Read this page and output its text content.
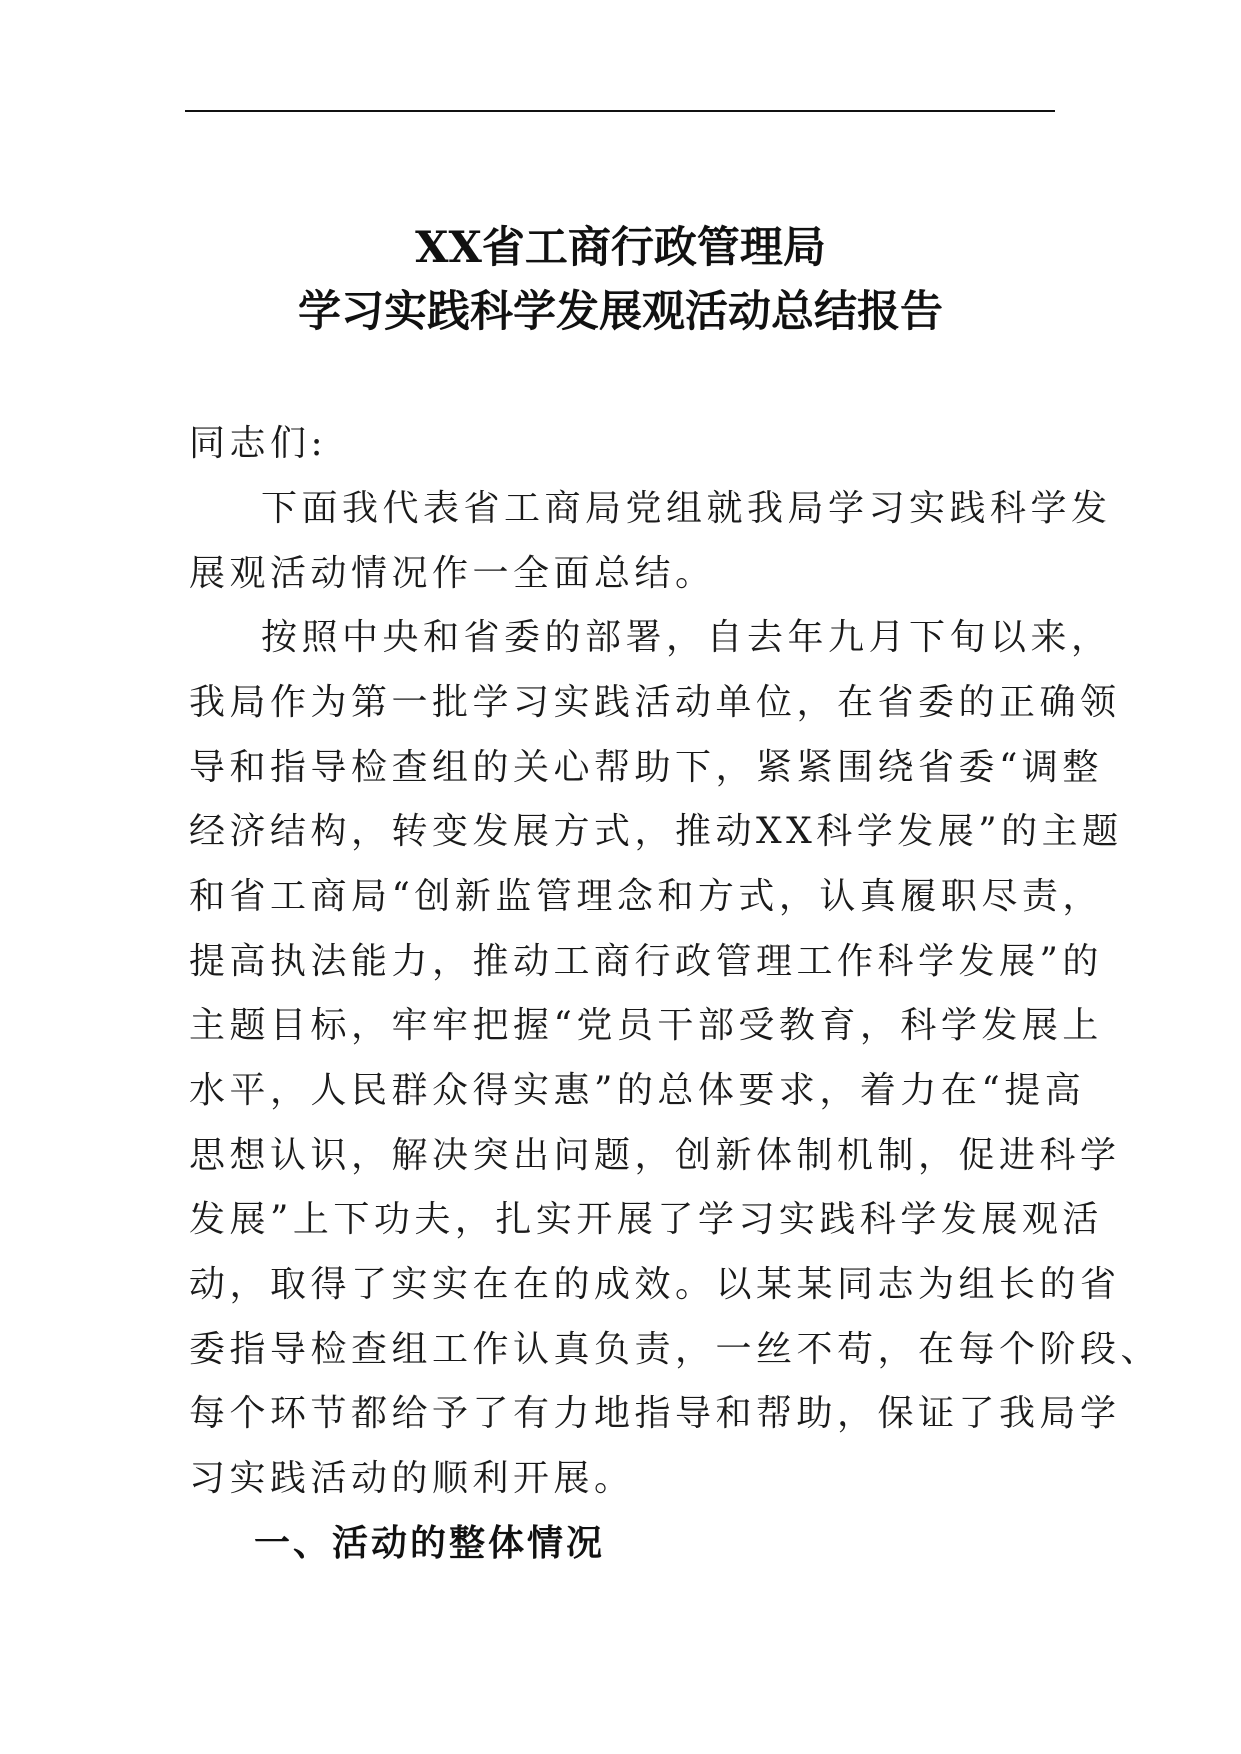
XX省工商行政管理局
学习实践科学发展观活动总结报告
同志们:
下面我代表省工商局党组就我局学习实践科学发
展观活动情况作一全面总结。
按照中央和省委的部署，自去年九月下旬以来，
我局作为第一批学习实践活动单位，在省委的正确领
导和指导检查组的关心帮助下，紧紧围绕省委“调整
经济结构，转变发展方式，推动XX科学发展”的主题
和省工商局“创新监管理念和方式，认真履职尽责，
提高执法能力，推动工商行政管理工作科学发展”的
主题目标，牢牢把握“党员干部受教育，科学发展上
水平，人民群众得实惠”的总体要求，着力在“提高
思想认识，解决突出问题，创新体制机制，促进科学
发展”上下功夫，扎实开展了学习实践科学发展观活
动，取得了实实在在的成效。以某某同志为组长的省
委指导检查组工作认真负责，一丝不苟，在每个阶段、
每个环节都给予了有力地指导和帮助，保证了我局学
习实践活动的顺利开展。
一、活动的整体情况
